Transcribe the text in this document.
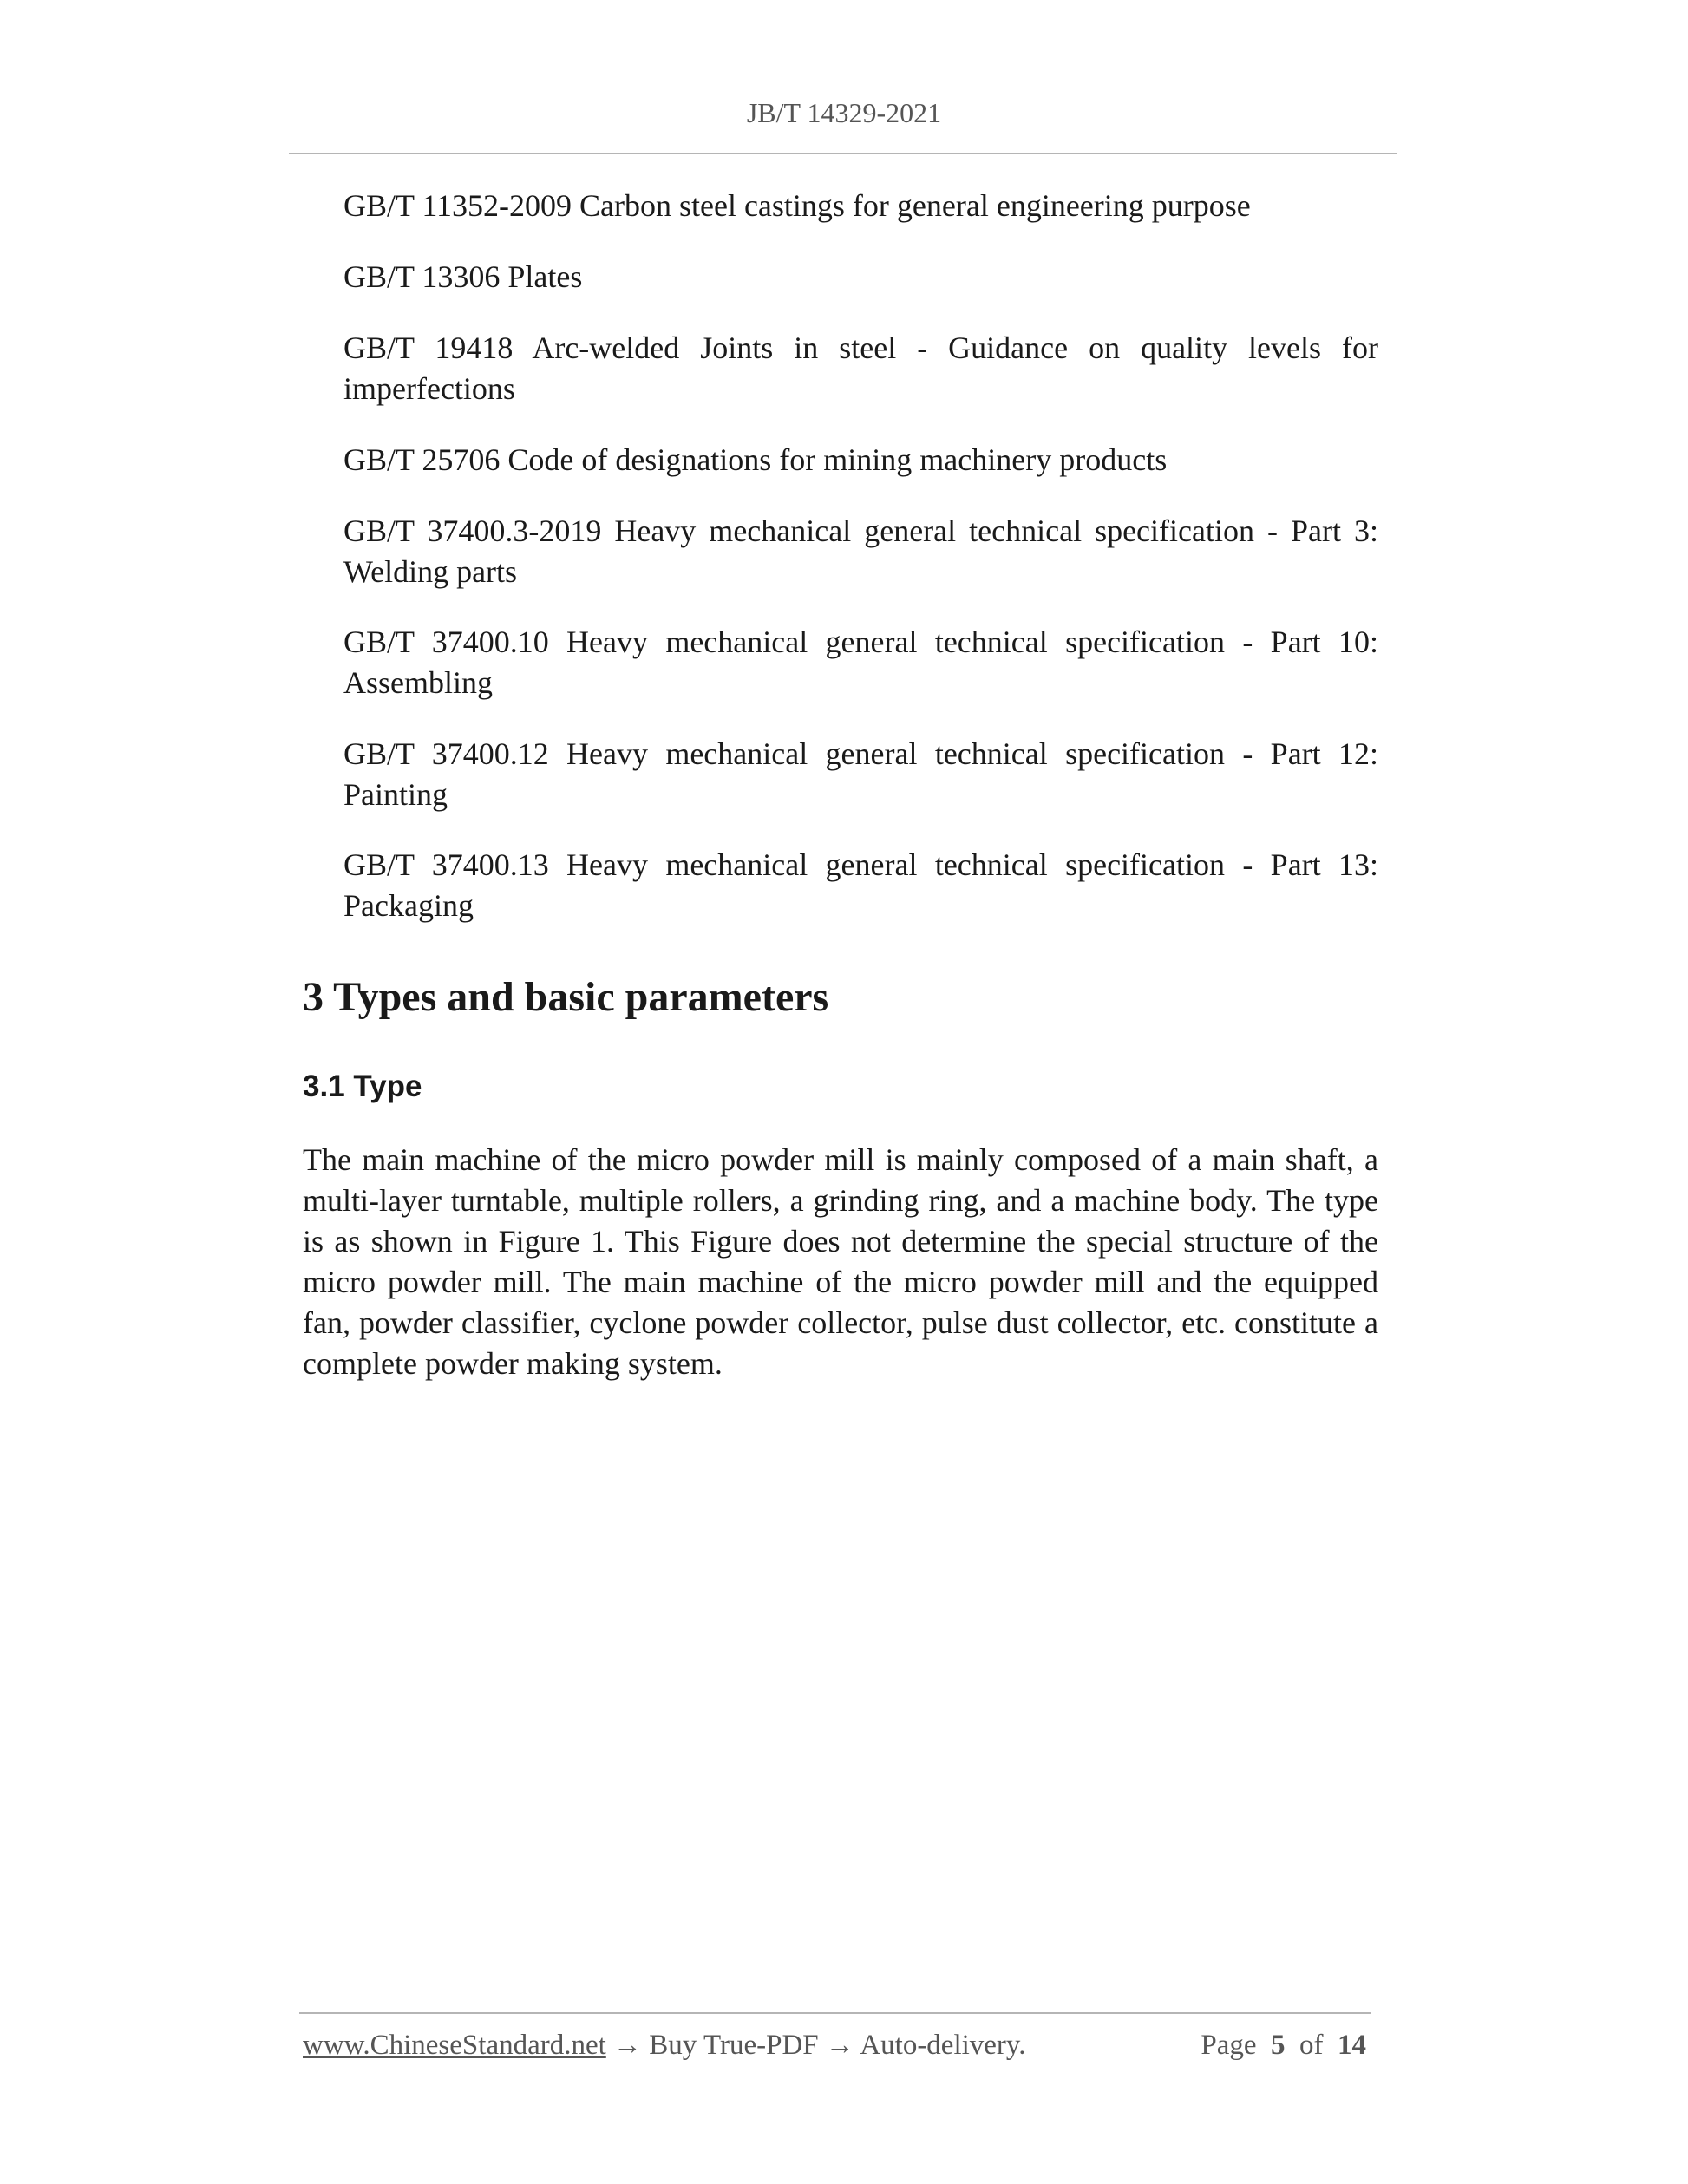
JB/T 14329-2021
GB/T 11352-2009 Carbon steel castings for general engineering purpose
GB/T 13306 Plates
GB/T 19418 Arc-welded Joints in steel - Guidance on quality levels for imperfections
GB/T 25706 Code of designations for mining machinery products
GB/T 37400.3-2019 Heavy mechanical general technical specification - Part 3: Welding parts
GB/T 37400.10 Heavy mechanical general technical specification - Part 10: Assembling
GB/T 37400.12 Heavy mechanical general technical specification - Part 12: Painting
GB/T 37400.13 Heavy mechanical general technical specification - Part 13: Packaging
3 Types and basic parameters
3.1 Type
The main machine of the micro powder mill is mainly composed of a main shaft, a multi-layer turntable, multiple rollers, a grinding ring, and a machine body. The type is as shown in Figure 1. This Figure does not determine the special structure of the micro powder mill. The main machine of the micro powder mill and the equipped fan, powder classifier, cyclone powder collector, pulse dust collector, etc. constitute a complete powder making system.
www.ChineseStandard.net → Buy True-PDF → Auto-delivery.	Page 5 of 14
